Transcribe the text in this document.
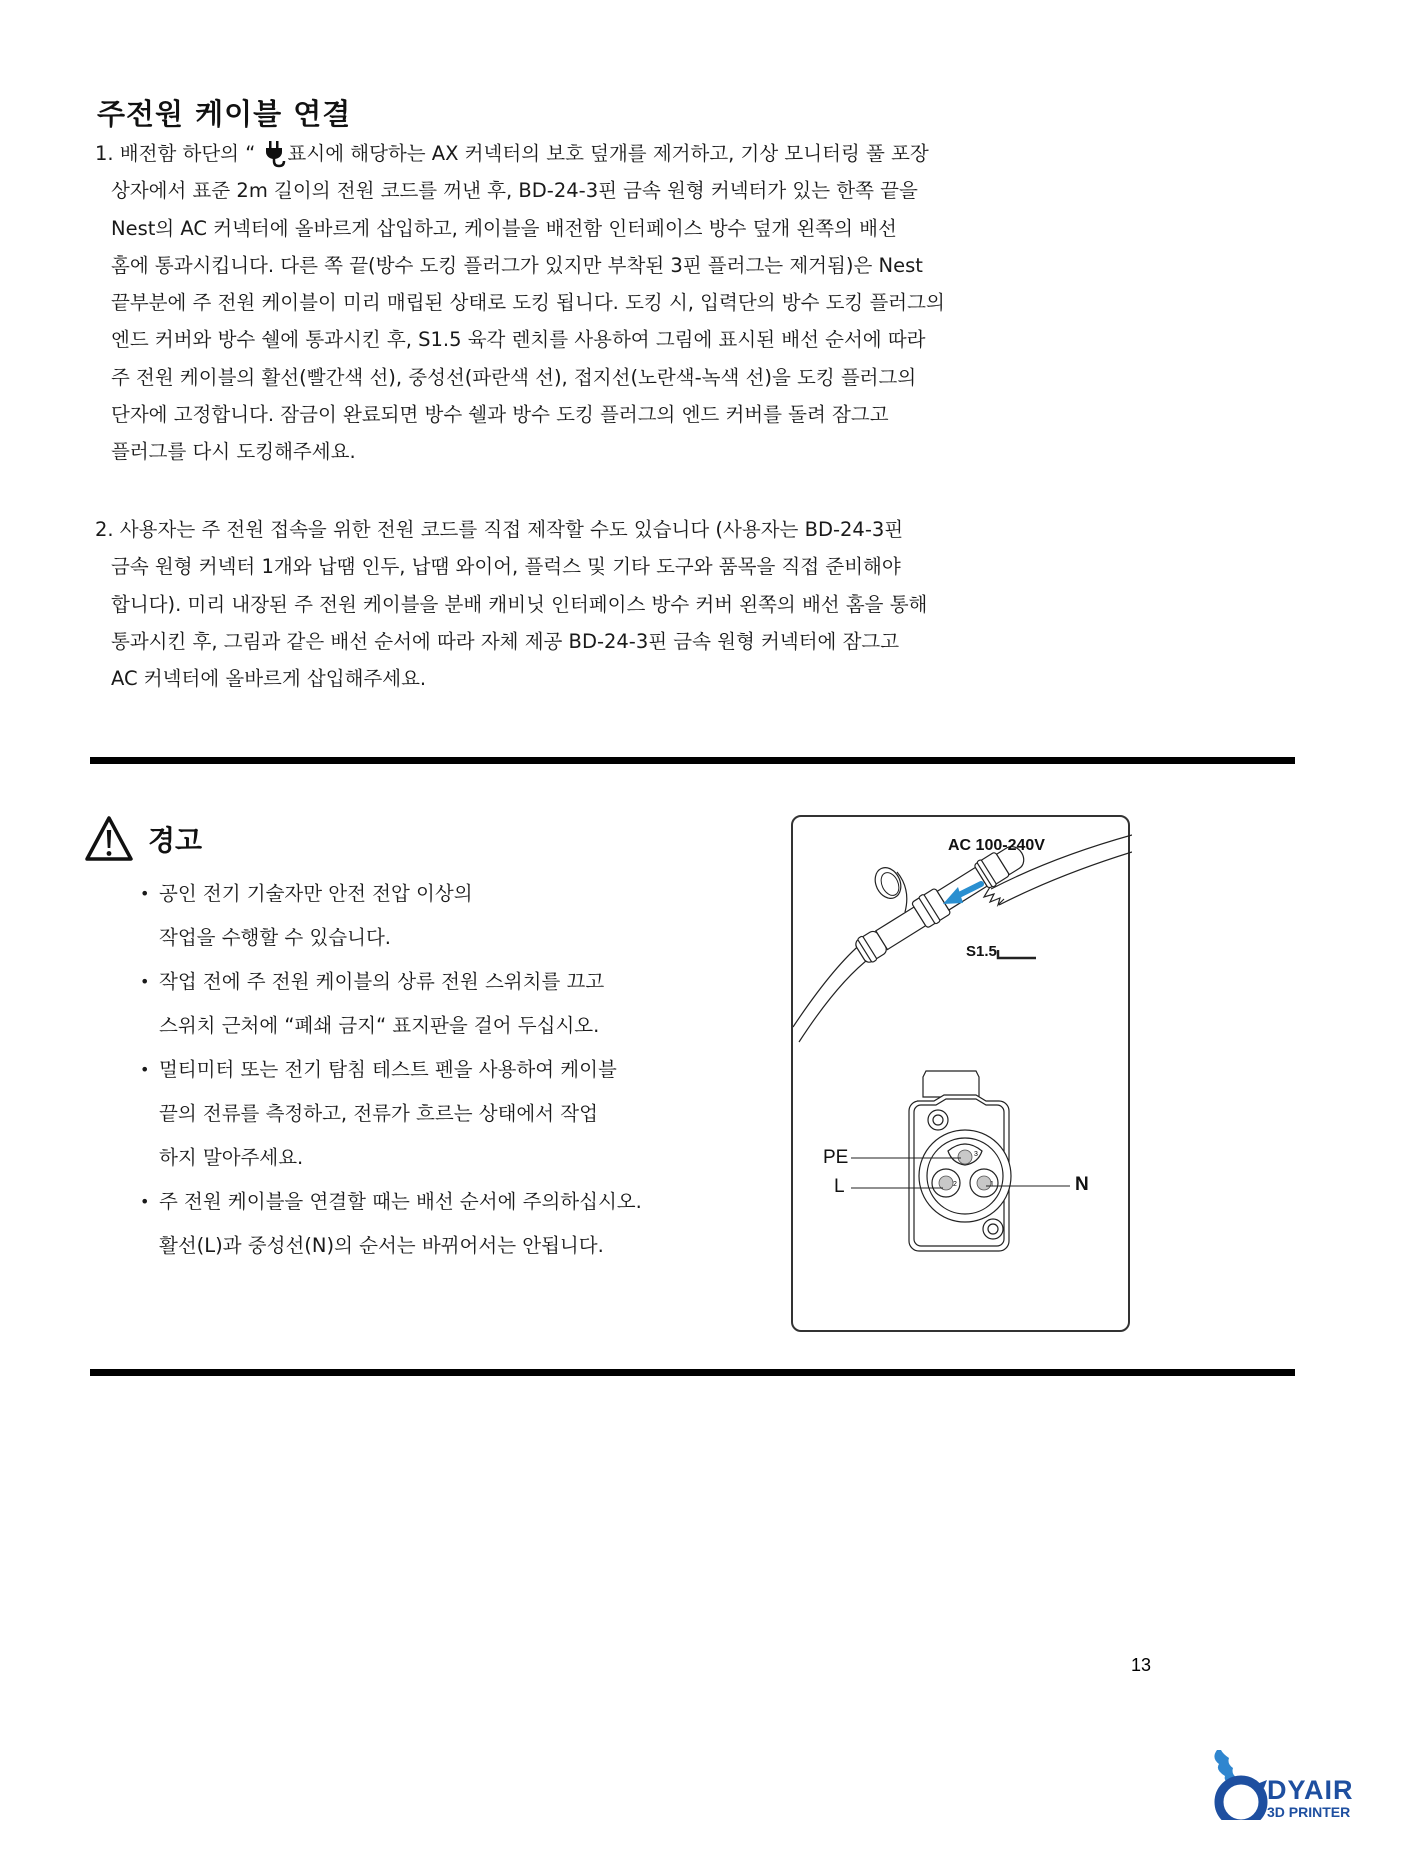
주전원 케이블 연결
1. 배전함 하단의 “ 표시에 해당하는 AX 커넥터의 보호 덮개를 제거하고, 기상 모니터링 풀 포장
상자에서 표준 2m 길이의 전원 코드를 꺼낸 후, BD-24-3핀 금속 원형 커넥터가 있는 한쪽 끝을
Nest의 AC 커넥터에 올바르게 삽입하고, 케이블을 배전함 인터페이스 방수 덮개 왼쪽의 배선
홈에 통과시킵니다. 다른 쪽 끝(방수 도킹 플러그가 있지만 부착된 3핀 플러그는 제거됨)은 Nest
끝부분에 주 전원 케이블이 미리 매립된 상태로 도킹 됩니다. 도킹 시, 입력단의 방수 도킹 플러그의
엔드 커버와 방수 쉘에 통과시킨 후, S1.5 육각 렌치를 사용하여 그림에 표시된 배선 순서에 따라
주 전원 케이블의 활선(빨간색 선), 중성선(파란색 선), 접지선(노란색-녹색 선)을 도킹 플러그의
단자에 고정합니다. 잠금이 완료되면 방수 쉘과 방수 도킹 플러그의 엔드 커버를 돌려 잠그고
플러그를 다시 도킹해주세요.
2. 사용자는 주 전원 접속을 위한 전원 코드를 직접 제작할 수도 있습니다 (사용자는 BD-24-3핀
금속 원형 커넥터 1개와 납땜 인두, 납땜 와이어, 플럭스 및 기타 도구와 품목을 직접 준비해야
합니다). 미리 내장된 주 전원 케이블을 분배 캐비닛 인터페이스 방수 커버 왼쪽의 배선 홈을 통해
통과시킨 후, 그림과 같은 배선 순서에 따라 자체 제공 BD-24-3핀 금속 원형 커넥터에 잠그고
AC 커넥터에 올바르게 삽입해주세요.
경고
• 공인 전기 기술자만 안전 전압 이상의
작업을 수행할 수 있습니다.
• 작업 전에 주 전원 케이블의 상류 전원 스위치를 끄고
스위치 근처에 “폐쇄 금지“ 표지판을 걸어 두십시오.
• 멀티미터 또는 전기 탐침 테스트 펜을 사용하여 케이블
끝의 전류를 측정하고, 전류가 흐르는 상태에서 작업
하지 말아주세요.
• 주 전원 케이블을 연결할 때는 배선 순서에 주의하십시오.
활선(L)과 중성선(N)의 순서는 바뀌어서는 안됩니다.
3
2	1
AC 100-240V
S1.5
PE
L	N
13
DYAIR
3D PRINTER
